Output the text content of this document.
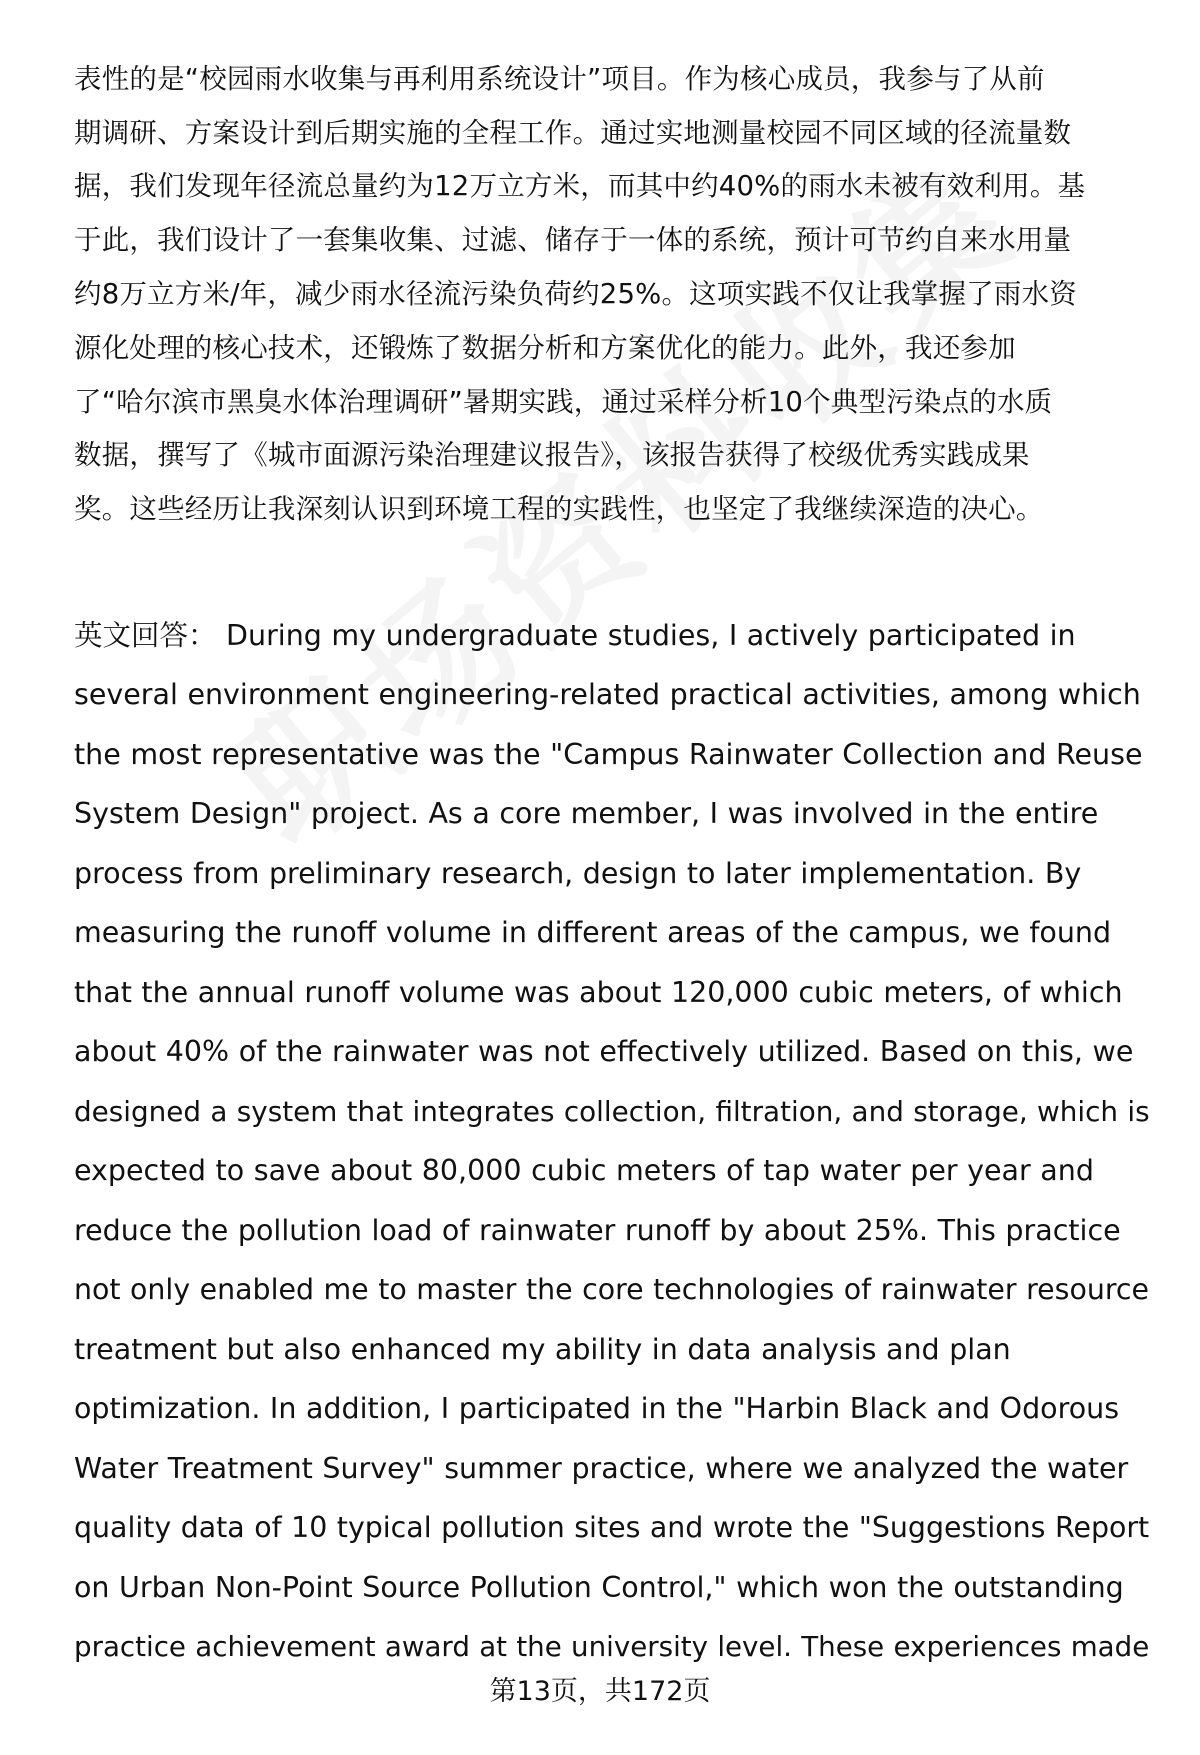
表性的是“校园雨水收集与再利用系统设计”项目。作为核心成员，我参与了从前
期调研、方案设计到后期实施的全程工作。通过实地测量校园不同区域的径流量数
据，我们发现年径流总量约为12万立方米，而其中约40%的雨水未被有效利用。基
于此，我们设计了一套集收集、过滤、储存于一体的系统，预计可节约自来水用量
约8万立方米/年，减少雨水径流污染负荷约25%。这项实践不仅让我掌握了雨水资
源化处理的核心技术，还锻炼了数据分析和方案优化的能力。此外，我还参加
了“哈尔滨市黑臭水体治理调研”暑期实践，通过采样分析10个典型污染点的水质
数据，撰写了《城市面源污染治理建议报告》，该报告获得了校级优秀实践成果
奖。这些经历让我深刻认识到环境工程的实践性，也坚定了我继续深造的决心。
英文回答： During my undergraduate studies, I actively participated in
several environment engineering-related practical activities, among which
the most representative was the "Campus Rainwater Collection and Reuse
System Design" project. As a core member, I was involved in the entire
process from preliminary research, design to later implementation. By
measuring the runoff volume in different areas of the campus, we found
that the annual runoff volume was about 120,000 cubic meters, of which
about 40% of the rainwater was not effectively utilized. Based on this, we
designed a system that integrates collection, filtration, and storage, which is
expected to save about 80,000 cubic meters of tap water per year and
reduce the pollution load of rainwater runoff by about 25%. This practice
not only enabled me to master the core technologies of rainwater resource
treatment but also enhanced my ability in data analysis and plan
optimization. In addition, I participated in the "Harbin Black and Odorous
Water Treatment Survey" summer practice, where we analyzed the water
quality data of 10 typical pollution sites and wrote the "Suggestions Report
on Urban Non-Point Source Pollution Control," which won the outstanding
practice achievement award at the university level. These experiences made
第13页，共172页
